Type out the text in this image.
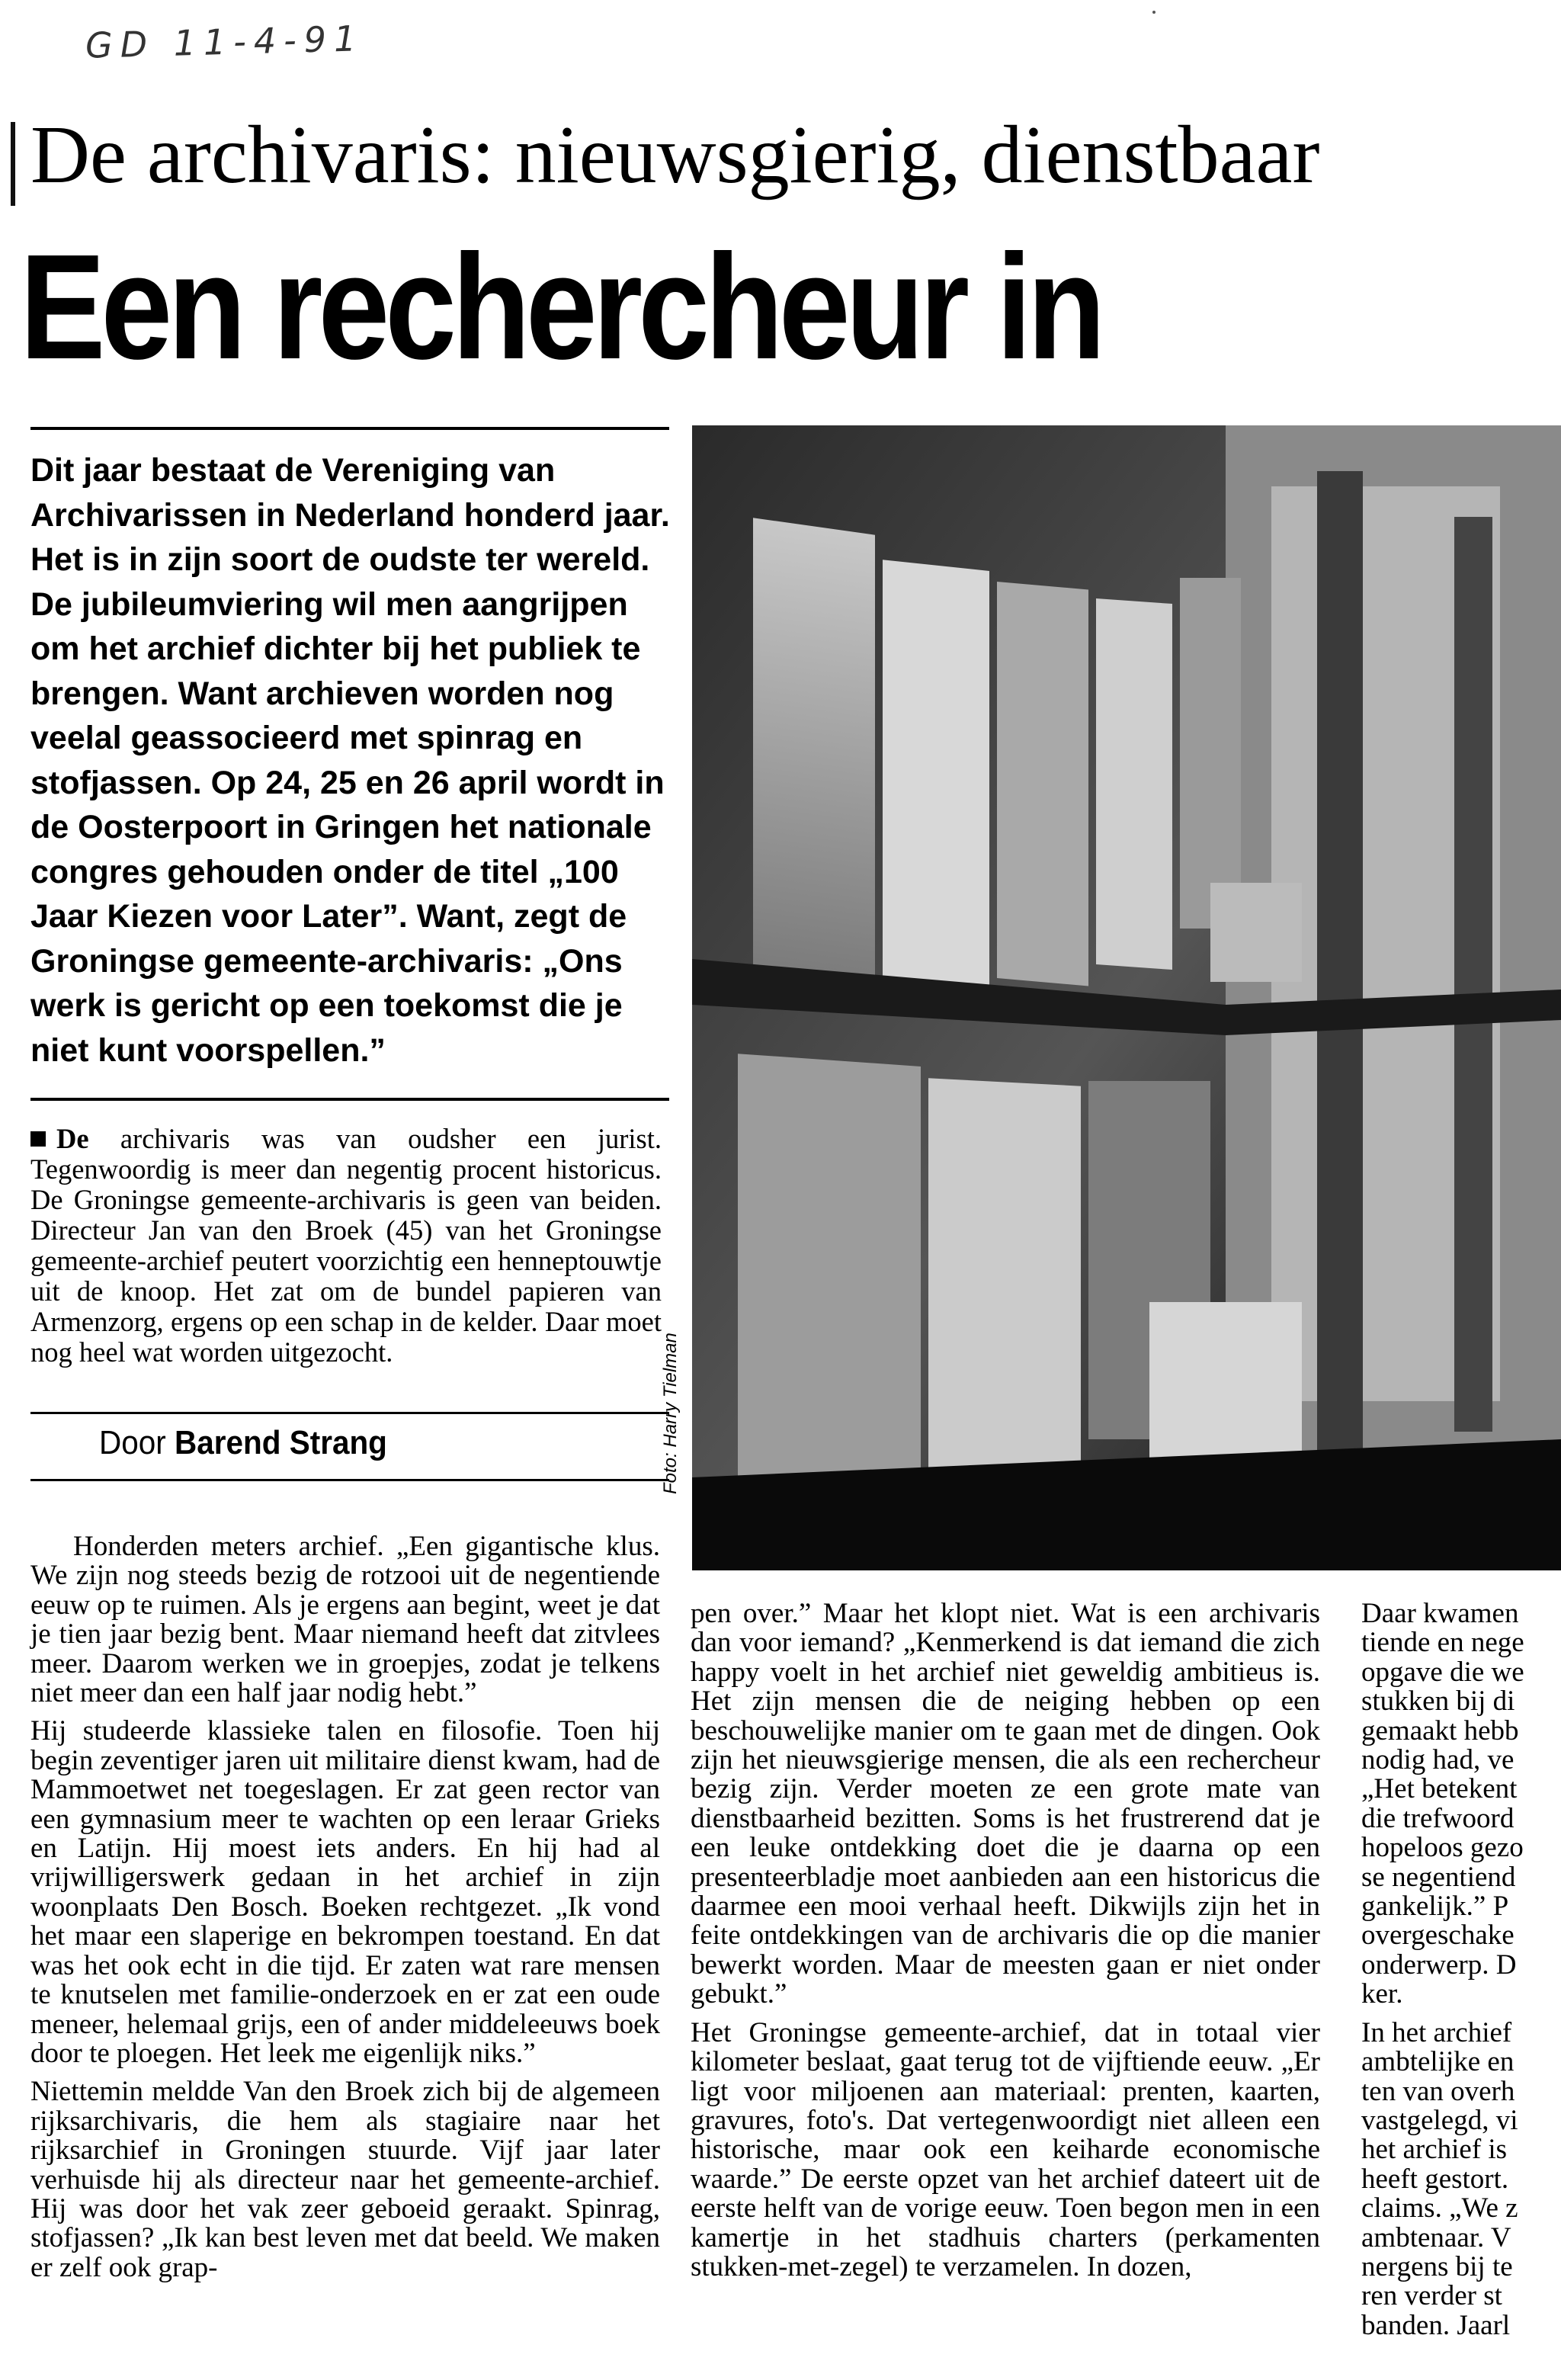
GD 11-4-91
De archivaris: nieuwsgierig, dienstbaar
Een rechercheur in
Dit jaar bestaat de Vereniging van Archivarissen in Nederland honderd jaar. Het is in zijn soort de oudste ter wereld. De jubileumviering wil men aangrijpen om het archief dichter bij het publiek te brengen. Want archieven worden nog veelal geassocieerd met spinrag en stofjassen. Op 24, 25 en 26 april wordt in de Oosterpoort in Gringen het nationale congres gehouden onder de titel „100 Jaar Kiezen voor Later”. Want, zegt de Groningse gemeente-archivaris: „Ons werk is gericht op een toekomst die je niet kunt voorspellen.”
De archivaris was van oudsher een jurist. Tegenwoordig is meer dan negentig procent historicus. De Groningse gemeente-archivaris is geen van beiden. Directeur Jan van den Broek (45) van het Groningse gemeente-archief peutert voorzichtig een henneptouwtje uit de knoop. Het zat om de bundel papieren van Armenzorg, ergens op een schap in de kelder. Daar moet nog heel wat worden uitgezocht.
Door Barend Strang	Foto: Harry Tielman

Honderden meters archief. „Een gigantische klus. We zijn nog steeds bezig de rotzooi uit de negentiende eeuw op te ruimen. Als je ergens aan begint, weet je dat je tien jaar bezig bent. Maar niemand heeft dat zitvlees meer. Daarom werken we in groepjes, zodat je telkens niet meer dan een half jaar nodig hebt.”

Hij studeerde klassieke talen en filosofie. Toen hij begin zeventiger jaren uit militaire dienst kwam, had de Mammoetwet net toegeslagen. Er zat geen rector van een gymnasium meer te wachten op een leraar Grieks en Latijn. Hij moest iets anders. En hij had al vrijwilligerswerk gedaan in het archief in zijn woonplaats Den Bosch. Boeken rechtgezet. „Ik vond het maar een slaperige en bekrompen toestand. En dat was het ook echt in die tijd. Er zaten wat rare mensen te knutselen met familie-onderzoek en er zat een oude meneer, helemaal grijs, een of ander middeleeuws boek door te ploegen. Het leek me eigenlijk niks.”

Niettemin meldde Van den Broek zich bij de algemeen rijksarchivaris, die hem als stagiaire naar het rijksarchief in Groningen stuurde. Vijf jaar later verhuisde hij als directeur naar het gemeente-archief. Hij was door het vak zeer geboeid geraakt. Spinrag, stofjassen? „Ik kan best leven met dat beeld. We maken er zelf ook grap-

pen over.” Maar het klopt niet. Wat is een archivaris dan voor iemand? „Kenmerkend is dat iemand die zich happy voelt in het archief niet geweldig ambitieus is. Het zijn mensen die de neiging hebben op een beschouwelijke manier om te gaan met de dingen. Ook zijn het nieuwsgierige mensen, die als een rechercheur bezig zijn. Verder moeten ze een grote mate van dienstbaarheid bezitten. Soms is het frustrerend dat je een leuke ontdekking doet die je daarna op een presenteerbladje moet aanbieden aan een historicus die daarmee een mooi verhaal heeft. Dikwijls zijn het in feite ontdekkingen van de archivaris die op die manier bewerkt worden. Maar de meesten gaan er niet onder gebukt.”

Het Groningse gemeente-archief, dat in totaal vier kilometer beslaat, gaat terug tot de vijftiende eeuw. „Er ligt voor miljoenen aan materiaal: prenten, kaarten, gravures, foto's. Dat vertegenwoordigt niet alleen een historische, maar ook een keiharde economische waarde.” De eerste opzet van het archief dateert uit de eerste helft van de vorige eeuw. Toen begon men in een kamertje in het stadhuis charters (perkamenten stukken-met-zegel) te verzamelen. In dozen,

Daar kwamen
tiende en nege
opgave die we
stukken bij di
gemaakt hebb
nodig had, ve
„Het betekent
die trefwoord
hopeloos gezo
se negentiend
gankelijk.” P
overgeschake
onderwerp. D
ker.

In het archief
ambtelijke en
ten van overh
vastgelegd, vi
het archief is
heeft gestort.
claims. „We z
ambtenaar. V
nergens bij te
ren verder st
banden. Jaarl
